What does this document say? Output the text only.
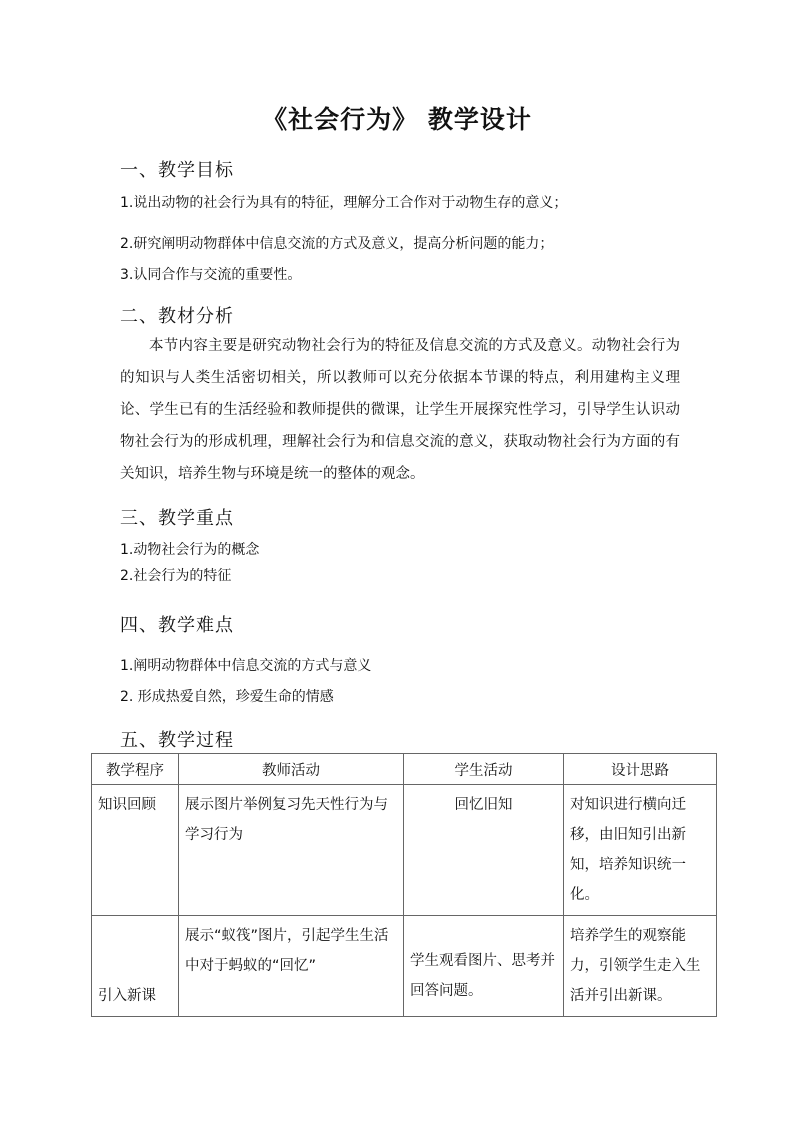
《社会行为》 教学设计
一、教学目标
1.说出动物的社会行为具有的特征，理解分工合作对于动物生存的意义；
2.研究阐明动物群体中信息交流的方式及意义，提高分析问题的能力；
3.认同合作与交流的重要性。
二、教材分析
本节内容主要是研究动物社会行为的特征及信息交流的方式及意义。动物社会行为的知识与人类生活密切相关，所以教师可以充分依据本节课的特点，利用建构主义理论、学生已有的生活经验和教师提供的微课，让学生开展探究性学习，引导学生认识动物社会行为的形成机理，理解社会行为和信息交流的意义，获取动物社会行为方面的有关知识，培养生物与环境是统一的整体的观念。
三、教学重点
1.动物社会行为的概念
2.社会行为的特征
四、教学难点
1.阐明动物群体中信息交流的方式与意义
2. 形成热爱自然，珍爱生命的情感
五、教学过程
教学程序	教师活动	学生活动	设计思路

知识回顾	展示图片举例复习先天性行为与学习行为	回忆旧知	对知识进行横向迁移，由旧知引出新知，培养知识统一化。

引入新课	展示“蚁筏”图片，引起学生生活中对于蚂蚁的“回忆”	学生观看图片、思考并回答问题。	培养学生的观察能力，引领学生走入生活并引出新课。
